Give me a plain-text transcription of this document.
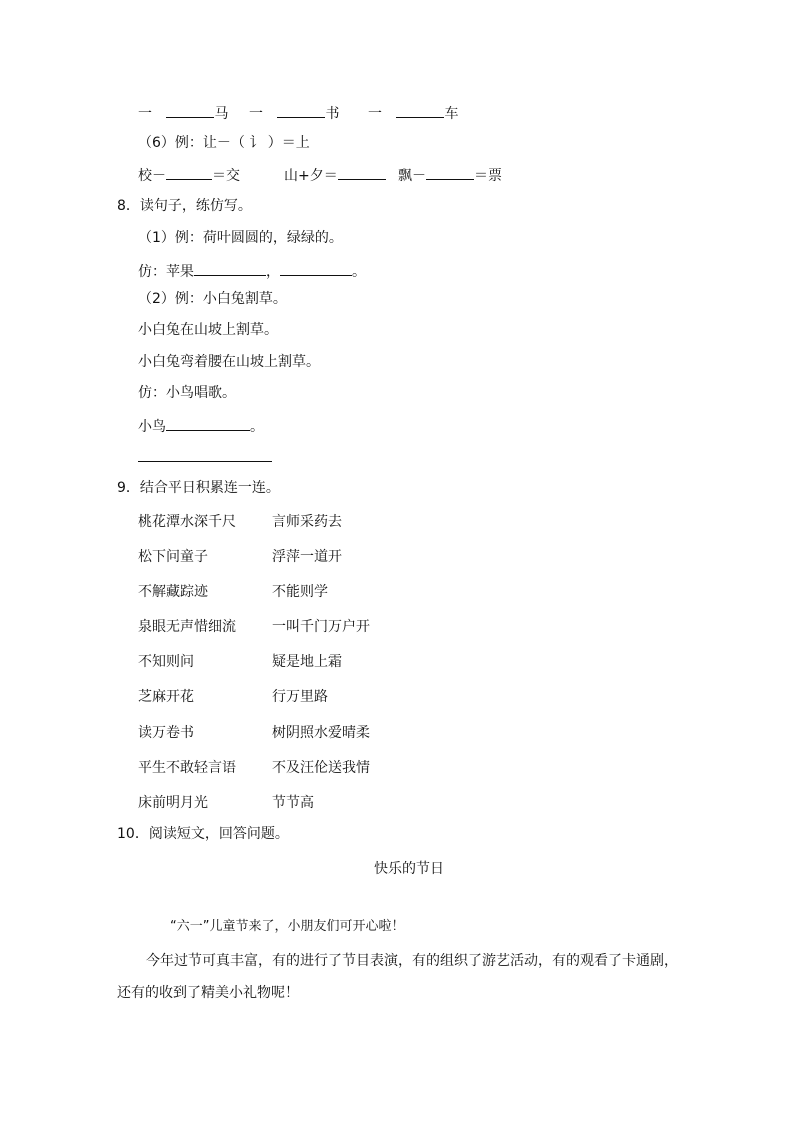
一	马 一	书 一	车
（6）例：让－（ 讠 ）＝上
校－	＝交	山+夕＝	飘－	＝票
8．读句子，练仿写。
（1）例：荷叶圆圆的，绿绿的。
仿：苹果	，	。
（2）例：小白兔割草。
小白兔在山坡上割草。
小白兔弯着腰在山坡上割草。
仿：小鸟唱歌。
小鸟	。
9．结合平日积累连一连。
桃花潭水深千尺	言师采药去
松下问童子	浮萍一道开
不解藏踪迹	不能则学
泉眼无声惜细流	一叫千门万户开
不知则问	疑是地上霜
芝麻开花	行万里路
读万卷书	树阴照水爱晴柔
平生不敢轻言语	不及汪伦送我情
床前明月光	节节高
10．阅读短文，回答问题。
快乐的节日
“六一”儿童节来了，小朋友们可开心啦！
今年过节可真丰富，有的进行了节目表演，有的组织了游艺活动，有的观看了卡通剧，
还有的收到了精美小礼物呢！
